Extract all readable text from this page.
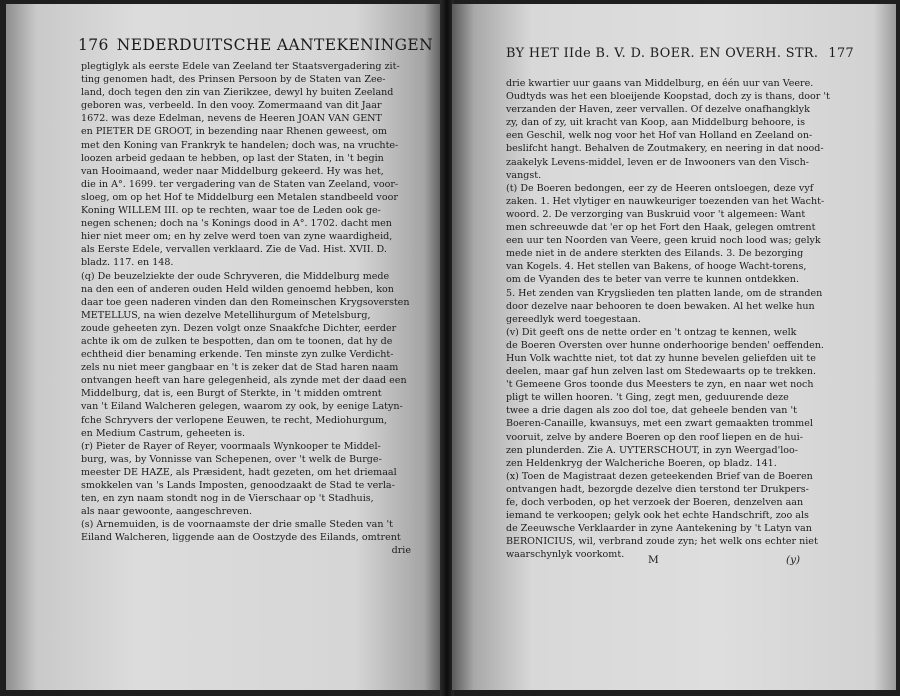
176 NEDERDUITSCHE AANTEKENINGEN
plegtiglyk als eerste Edele van Zeeland ter Staatsvergadering zit-
ting genomen hadt, des Prinsen Persoon by de Staten van Zee-
land, doch tegen den zin van Zierikzee, dewyl hy buiten Zeeland
geboren was, verbeeld. In den vooy. Zomermaand van dit Jaar
1672. was deze Edelman, nevens de Heeren JOAN VAN GENT
en PIETER DE GROOT, in bezending naar Rhenen geweest, om
met den Koning van Frankryk te handelen; doch was, na vruchte-
loozen arbeid gedaan te hebben, op last der Staten, in 't begin
van Hooimaand, weder naar Middelburg gekeerd. Hy was het,
die in A°. 1699. ter vergadering van de Staten van Zeeland, voor-
sloeg, om op het Hof te Middelburg een Metalen standbeeld voor
Koning WILLEM III. op te rechten, waar toe de Leden ook ge-
negen schenen; doch na 's Konings dood in A°. 1702. dacht men
hier niet meer om; en hy zelve werd toen van zyne waardigheid,
als Eerste Edele, vervallen verklaard. Zie de Vad. Hist. XVII. D.
bladz. 117. en 148.
(q) De beuzelziekte der oude Schryveren, die Middelburg mede
na den een of anderen ouden Held wilden genoemd hebben, kon
daar toe geen naderen vinden dan den Romeinschen Krygsoversten
METELLUS, na wien dezelve Metellihurgum of Metelsburg,
zoude geheeten zyn. Dezen volgt onze Snaakfche Dichter, eerder
achte ik om de zulken te bespotten, dan om te toonen, dat hy de
echtheid dier benaming erkende. Ten minste zyn zulke Verdicht-
zels nu niet meer gangbaar en 't is zeker dat de Stad haren naam
ontvangen heeft van hare gelegenheid, als zynde met der daad een
Middelburg, dat is, een Burgt of Sterkte, in 't midden omtrent
van 't Eiland Walcheren gelegen, waarom zy ook, by eenige Latyn-
fche Schryvers der verlopene Eeuwen, te recht, Mediohurgum,
en Medium Castrum, geheeten is.
(r) Pieter de Rayer of Reyer, voormaals Wynkooper te Middel-
burg, was, by Vonnisse van Schepenen, over 't welk de Burge-
meester DE HAZE, als Præsident, hadt gezeten, om het driemaal
smokkelen van 's Lands Imposten, genoodzaakt de Stad te verla-
ten, en zyn naam stondt nog in de Vierschaar op 't Stadhuis,
als naar gewoonte, aangeschreven.
(s) Arnemuiden, is de voornaamste der drie smalle Steden van 't
Eiland Walcheren, liggende aan de Oostzyde des Eilands, omtrent
drie
BY HET IIde B. V. D. BOER. EN OVERH. STR. 177
drie kwartier uur gaans van Middelburg, en één uur van Veere.
Oudtyds was het een bloeijende Koopstad, doch zy is thans, door 't
verzanden der Haven, zeer vervallen. Of dezelve onafhangklyk
zy, dan of zy, uit kracht van Koop, aan Middelburg behoore, is
een Geschil, welk nog voor het Hof van Holland en Zeeland on-
beslifcht hangt. Behalven de Zoutmakery, en neering in dat nood-
zaakelyk Levens-middel, leven er de Inwooners van den Visch-
vangst.
(t) De Boeren bedongen, eer zy de Heeren ontsloegen, deze vyf
zaken. 1. Het vlytiger en nauwkeuriger toezenden van het Wacht-
woord. 2. De verzorging van Buskruid voor 't algemeen: Want
men schreeuwde dat 'er op het Fort den Haak, gelegen omtrent
een uur ten Noorden van Veere, geen kruid noch lood was; gelyk
mede niet in de andere sterkten des Eilands. 3. De bezorging
van Kogels. 4. Het stellen van Bakens, of hooge Wacht-torens,
om de Vyanden des te beter van verre te kunnen ontdekken.
5. Het zenden van Krygslieden ten platten lande, om de stranden
door dezelve naar behooren te doen bewaken. Al het welke hun
gereedlyk werd toegestaan.
(v) Dit geeft ons de nette order en 't ontzag te kennen, welk
de Boeren Oversten over hunne onderhoorige benden' oeffenden.
Hun Volk wachtte niet, tot dat zy hunne bevelen geliefden uit te
deelen, maar gaf hun zelven last om Stedewaarts op te trekken.
't Gemeene Gros toonde dus Meesters te zyn, en naar wet noch
pligt te willen hooren. 't Ging, zegt men, geduurende deze
twee a drie dagen als zoo dol toe, dat geheele benden van 't
Boeren-Canaille, kwansuys, met een zwart gemaakten trommel
vooruit, zelve by andere Boeren op den roof liepen en de hui-
zen plunderden. Zie A. UYTERSCHOUT, in zyn Weergad'loo-
zen Heldenkryg der Walcheriche Boeren, op bladz. 141.
(x) Toen de Magistraat dezen geteekenden Brief van de Boeren
ontvangen hadt, bezorgde dezelve dien terstond ter Drukpers-
fe, doch verboden, op het verzoek der Boeren, denzelven aan
iemand te verkoopen; gelyk ook het echte Handschrift, zoo als
de Zeeuwsche Verklaarder in zyne Aantekening by 't Latyn van
BERONICIUS, wil, verbrand zoude zyn; het welk ons echter niet
waarschynlyk voorkomt.	M	(y)
